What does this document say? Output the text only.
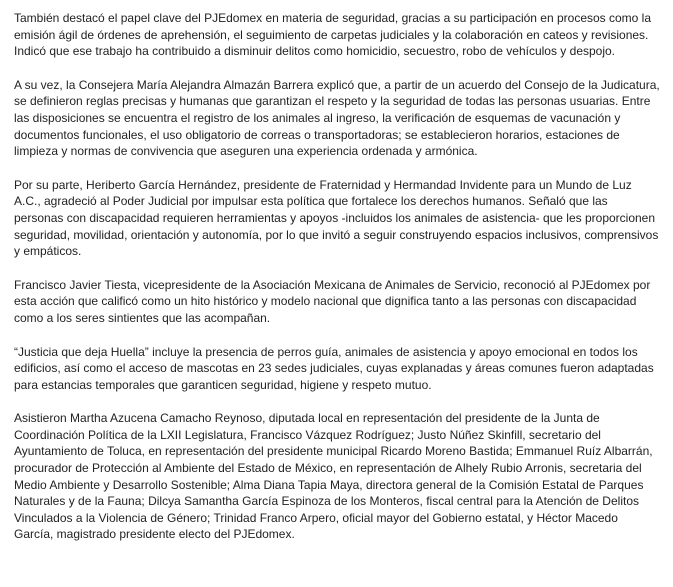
También destacó el papel clave del PJEdomex en materia de seguridad, gracias a su participación en procesos como la emisión ágil de órdenes de aprehensión, el seguimiento de carpetas judiciales y la colaboración en cateos y revisiones. Indicó que ese trabajo ha contribuido a disminuir delitos como homicidio, secuestro, robo de vehículos y despojo.

A su vez, la Consejera María Alejandra Almazán Barrera explicó que, a partir de un acuerdo del Consejo de la Judicatura, se definieron reglas precisas y humanas que garantizan el respeto y la seguridad de todas las personas usuarias. Entre las disposiciones se encuentra el registro de los animales al ingreso, la verificación de esquemas de vacunación y documentos funcionales, el uso obligatorio de correas o transportadoras; se establecieron horarios, estaciones de limpieza y normas de convivencia que aseguren una experiencia ordenada y armónica.

Por su parte, Heriberto García Hernández, presidente de Fraternidad y Hermandad Invidente para un Mundo de Luz A.C., agradeció al Poder Judicial por impulsar esta política que fortalece los derechos humanos. Señaló que las personas con discapacidad requieren herramientas y apoyos -incluidos los animales de asistencia- que les proporcionen seguridad, movilidad, orientación y autonomía, por lo que invitó a seguir construyendo espacios inclusivos, comprensivos y empáticos.

Francisco Javier Tiesta, vicepresidente de la Asociación Mexicana de Animales de Servicio, reconoció al PJEdomex por esta acción que calificó como un hito histórico y modelo nacional que dignifica tanto a las personas con discapacidad como a los seres sintientes que las acompañan.

“Justicia que deja Huella” incluye la presencia de perros guía, animales de asistencia y apoyo emocional en todos los edificios, así como el acceso de mascotas en 23 sedes judiciales, cuyas explanadas y áreas comunes fueron adaptadas para estancias temporales que garanticen seguridad, higiene y respeto mutuo.

Asistieron Martha Azucena Camacho Reynoso, diputada local en representación del presidente de la Junta de Coordinación Política de la LXII Legislatura, Francisco Vázquez Rodríguez; Justo Núñez Skinfill, secretario del Ayuntamiento de Toluca, en representación del presidente municipal Ricardo Moreno Bastida; Emmanuel Ruíz Albarrán, procurador de Protección al Ambiente del Estado de México, en representación de Alhely Rubio Arronis, secretaria del Medio Ambiente y Desarrollo Sostenible; Alma Diana Tapia Maya, directora general de la Comisión Estatal de Parques Naturales y de la Fauna; Dilcya Samantha García Espinoza de los Monteros, fiscal central para la Atención de Delitos Vinculados a la Violencia de Género; Trinidad Franco Arpero, oficial mayor del Gobierno estatal, y Héctor Macedo García, magistrado presidente electo del PJEdomex.
